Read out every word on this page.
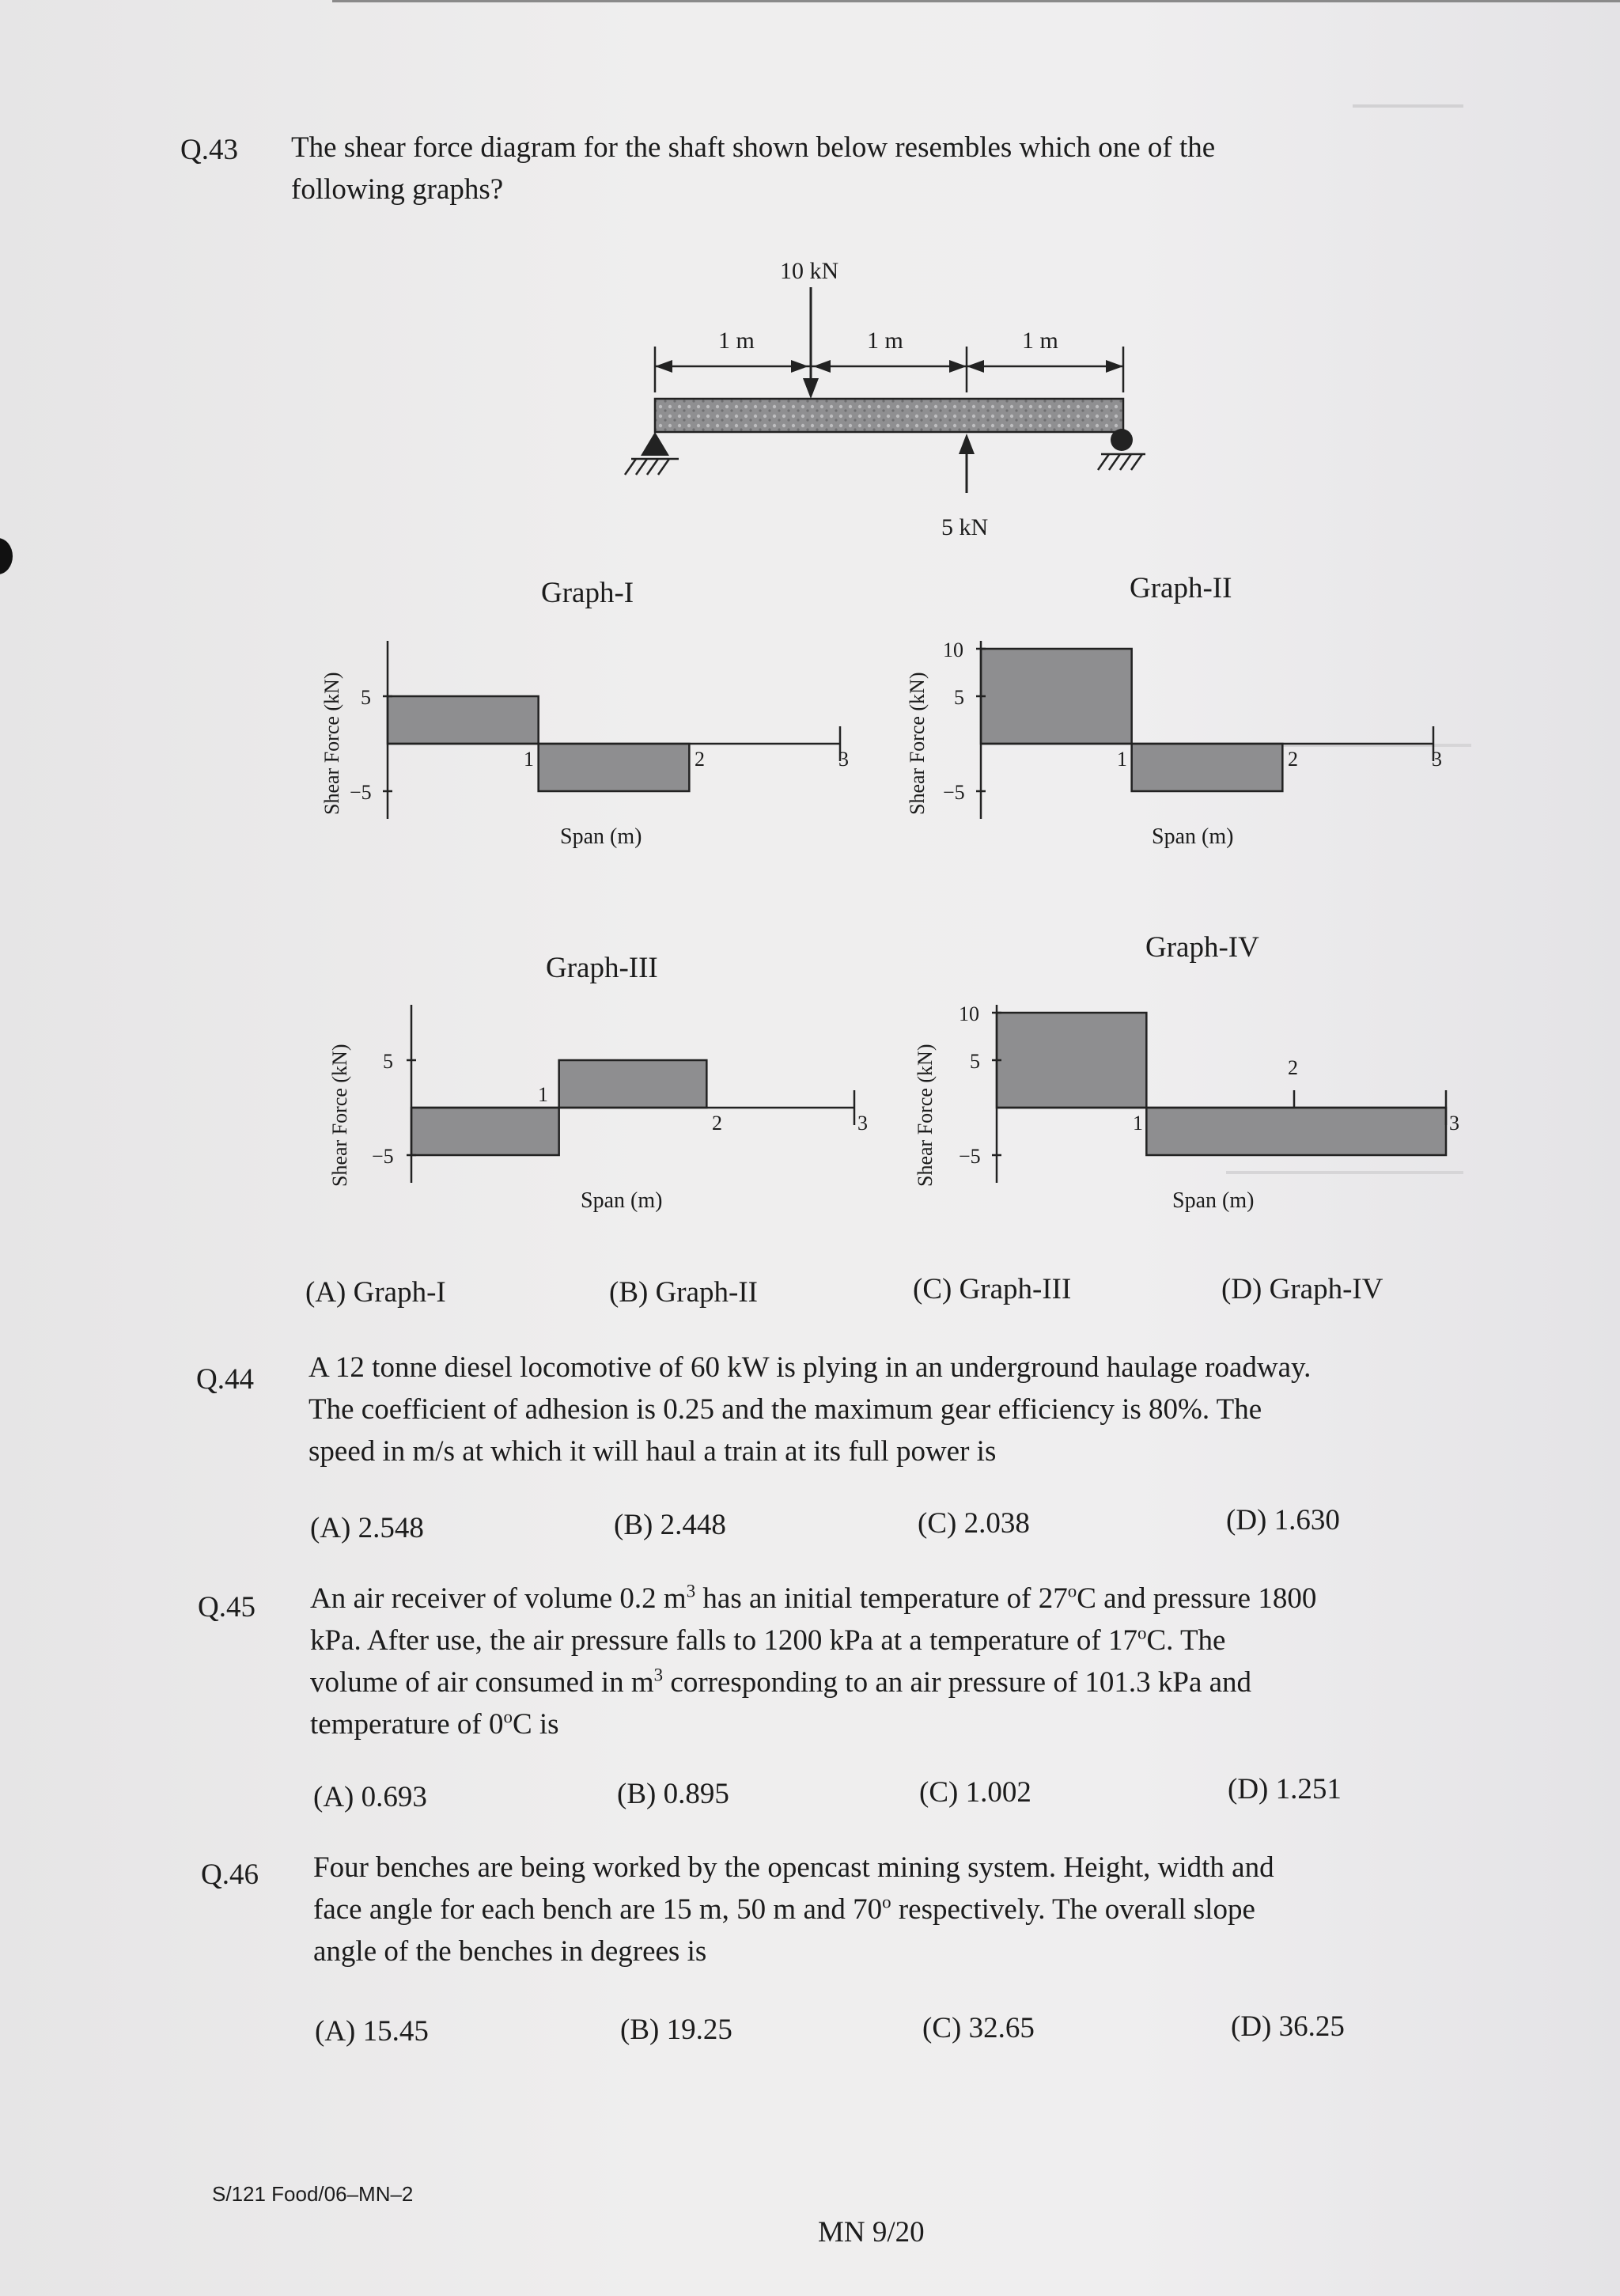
Q.43 The shear force diagram for the shaft shown below resembles which one of the
following graphs?
10 kN
1 m	1 m	1 m
5 kN
Graph-I	Graph-II
Graph-III
Graph-IV
Shear Force (kN) 5
−5
1	2	3
Span (m)
Shear Force (kN)
10
5
−5
1	2	3
Span (m)
Shear Force (kN) 5
−5
1
2	3
Span (m)
Shear Force (kN)
10
5
−5
1
2
3
Span (m)
(A) Graph-I	(B) Graph-II	(C) Graph-III	(D) Graph-IV
Q.44 A 12 tonne diesel locomotive of 60 kW is plying in an underground haulage roadway.
The coefficient of adhesion is 0.25 and the maximum gear efficiency is 80%. The
speed in m/s at which it will haul a train at its full power is
(A) 2.548	(B) 2.448	(C) 2.038	(D) 1.630
Q.45 An air receiver of volume 0.2 $m^3$ has an initial temperature of 27$^o$C and pressure 1800
kPa. After use, the air pressure falls to 1200 kPa at a temperature of 17$^o$C. The
volume of air consumed in $m^3$ corresponding to an air pressure of 101.3 kPa and
temperature of 0$^o$C is
(A) 0.693	(B) 0.895	(C) 1.002	(D) 1.251
Q.46 Four benches are being worked by the opencast mining system. Height, width and
face angle for each bench are 15 m, 50 m and 70$^o$ respectively. The overall slope
angle of the benches in degrees is
(A) 15.45	(B) 19.25	(C) 32.65	(D) 36.25
S/121 Food/06–MN–2
MN 9/20
